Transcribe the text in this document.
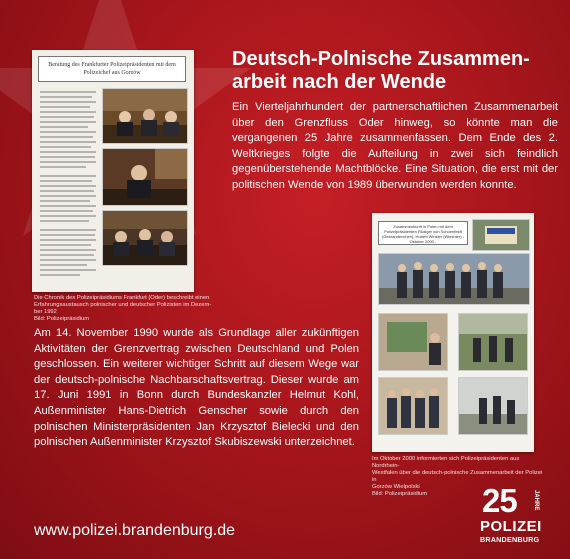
Deutsch-Polnische Zusammen-
arbeit nach der Wende

Ein Vierteljahrhundert der partnerschaftlichen Zusammenarbeit über den Grenzfluss Oder hinweg, so könnte man die vergangenen 25 Jahre zusammenfassen. Dem Ende des 2. Weltkrieges folgte die Aufteilung in zwei sich feindlich gegenüberstehende Machtblöcke. Eine Situation, die erst mit der politischen Wende von 1989 überwunden werden konnte.

Beratung des Frankfurter Polizeipräsidenten mit dem Polizeichef aus Gorzów

Die Chronik des Polizeipräsidiums Frankfurt (Oder) beschreibt einen
Erfahrungsaustausch polnischer und deutscher Polizisten im Dezem-
ber 1992
Bild: Polizeipräsidium

Am 14. November 1990 wurde als Grundlage aller zukünftigen Aktivitäten der Grenzvertrag zwischen Deutschland und Polen geschlossen. Ein weiterer wichtiger Schritt auf diesem Wege war der deutsch-polnische Nachbarschaftsvertrag. Dieser wurde am 17. Juni 1991 in Bonn durch Bundeskanzler Helmut Kohl, Außenminister Hans-Dietrich Genscher sowie durch den polnischen Ministerpräsidenten Jan Krzysztof Bielecki und den polnischen Außenminister Krzysztof Skubiszewski unterzeichnet.

Zusammenkunft in Polen mit dem Polizeipräsidenten Rüdiger von Schoenfeldt (Gebrandenchen), Hubert Winkler (Wiesnter) - Oktober 2000 -

Im Oktober 2000 informierten sich Polizeipräsidenten aus Nordrhein-
Westfalen über die deutsch-polnische Zusammenarbeit der Polizei in
Gorzów Wielpolski
Bild: Polizeipräsidium

www.polizei.brandenburg.de
25	JAHRE
POLIZEI
BRANDENBURG
